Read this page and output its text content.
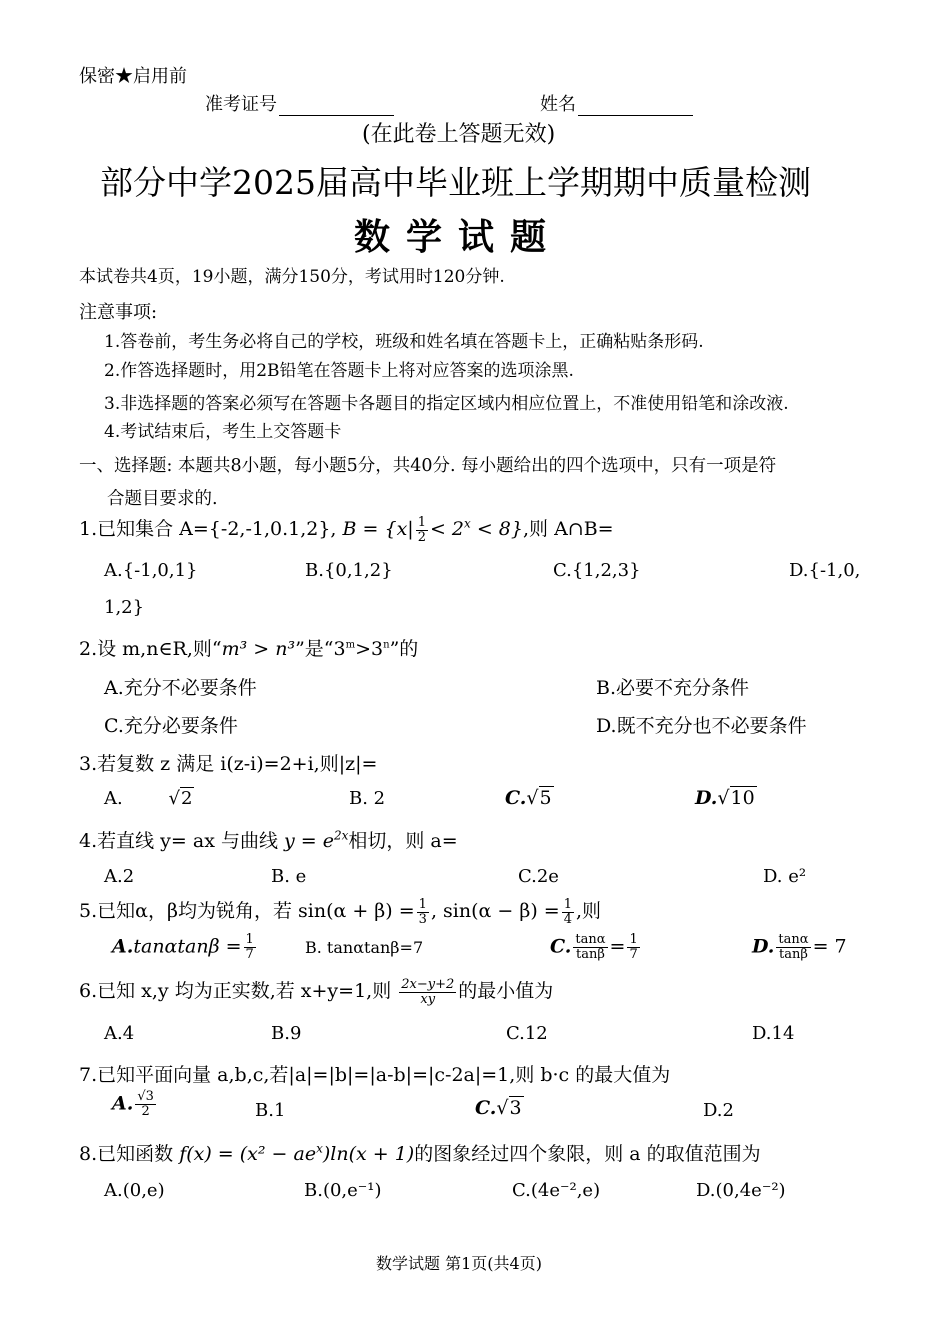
保密★启用前
准考证号	姓名
(在此卷上答题无效)
部分中学2025届高中毕业班上学期期中质量检测
数学试题
本试卷共4页，19小题，满分150分，考试用时120分钟.
注意事项:
1.答卷前，考生务必将自己的学校，班级和姓名填在答题卡上，正确粘贴条形码.
2.作答选择题时，用2B铅笔在答题卡上将对应答案的选项涂黑.
3.非选择题的答案必须写在答题卡各题目的指定区域内相应位置上，不准使用铅笔和涂改液.
4.考试结束后，考生上交答题卡
一、选择题: 本题共8小题，每小题5分，共40分. 每小题给出的四个选项中，只有一项是符
合题目要求的.
1.已知集合 A={-2,-1,0.1,2}, $B = \{x| \frac{1}{2} < 2^x < 8\}$,则 A∩B=
A.{-1,0,1}	B.{0,1,2}	C.{1,2,3}	D.{-1,0,
1,2}
2.设 m,n∈R,则“m³ > n³”是“$3^m>3^n$”的
A.充分不必要条件	B.必要不充分条件
C.充分必要条件	D.既不充分也不必要条件
3.若复数 z 满足 i(z-i)=2+i,则|z|=
A.	√2	B. 2	C.√5	D.√10
4.若直线 y= ax 与曲线 $y = e^{2x}$相切，则 a=
A.2	B. e	C.2e	D. e²
5.已知α，β均为锐角，若 $\sin(\alpha + \beta) = \frac{1}{3}$ , $\sin(\alpha - \beta) = \frac{1}{4}$ ,则
$A.\tan\alpha\tan\beta = \frac{1}{7}$	B. tanαtanβ=7	C. $\frac{\tan\alpha}{\tan\beta} = \frac{1}{7}$	D. $\frac{\tan\alpha}{\tan\beta} = 7$
6.已知 x,y 均为正实数,若 x+y=1,则 $\frac{2x-y+2}{xy}$ 的最小值为
A.4	B.9	C.12	D.14
7.已知平面向量 a,b,c,若|a|=|b|=|a-b|=|c-2a|=1,则 b·c 的最大值为
A. $\frac{√3}{2}$	B.1	C.√3	D.2
8.已知函数 $f(x) = (x^2 - ae^x)\ln(x + 1)$的图象经过四个象限，则 a 的取值范围为
A.(0,e)	B.(0,e⁻¹)	C.(4e⁻²,e)	D.(0,4e⁻²)
数学试题 第1页(共4页)
